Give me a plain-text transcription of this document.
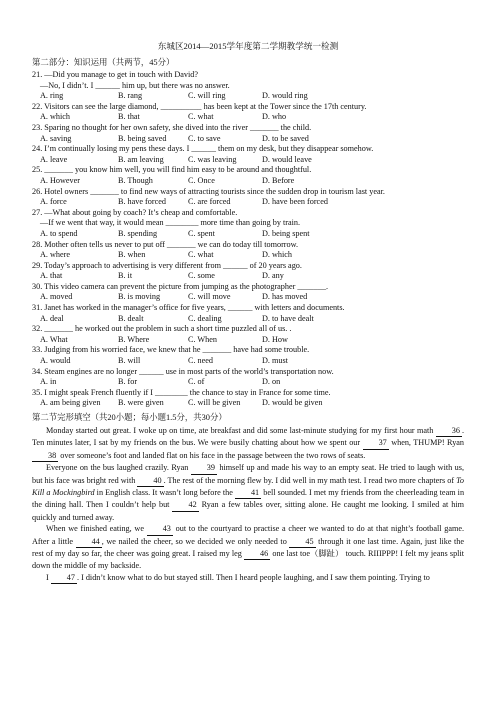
东城区2014—2015学年度第二学期教学统一检测
第二部分：知识运用（共两节，45分）
21. —Did you manage to get in touch with David?
—No, I didn’t. I ______ him up, but there was no answer.
A. ring	B. rang	C. will ring	D. would ring
22. Visitors can see the large diamond, __________ has been kept at the Tower since the 17th century.
A. which	B. that	C. what	D. who
23. Sparing no thought for her own safety, she dived into the river _______ the child.
A. saving	B. being saved	C. to save	D. to be saved
24. I’m continually losing my pens these days. I ______ them on my desk, but they disappear somehow.
A. leave	B. am leaving	C. was leaving	D. would leave
25. _______ you know him well, you will find him easy to be around and thoughtful.
A. However	B. Though	C. Once	D. Before
26. Hotel owners _______ to find new ways of attracting tourists since the sudden drop in tourism last year.
A. force	B. have forced	C. are forced	D. have been forced
27. —What about going by coach? It’s cheap and comfortable.
—If we went that way, it would mean ________ more time than going by train.
A. to spend	B. spending	C. spent	D. being spent
28. Mother often tells us never to put off _______ we can do today till tomorrow.
A. where	B. when	C. what	D. which
29. Today’s approach to advertising is very different from ______ of 20 years ago.
A. that	B. it	C. some	D. any
30. This video camera can prevent the picture from jumping as the photographer _______.
A. moved	B. is moving	C. will move	D. has moved
31. Janet has worked in the manager’s office for five years, ______ with letters and documents.
A. deal	B. dealt	C. dealing	D. to have dealt
32. _______ he worked out the problem in such a short time puzzled all of us. .
A. What	B. Where	C. When	D. How
33. Judging from his worried face, we knew that he _______ have had some trouble.
A. would	B. will	C. need	D. must
34. Steam engines are no longer ______ use in most parts of the world’s transportation now.
A. in	B. for	C. of	D. on
35. I might speak French fluently if I ________ the chance to stay in France for some time.
A. am being given	B. were given	C. will be given	D. would be given
第二节完形填空（共20小题；每小题1.5分，共30分）
Monday started out great. I woke up on time, ate breakfast and did some last-minute studying for my first hour math 36 . Ten minutes later, I sat by my friends on the bus. We were busily chatting about how we spent our 37 when, THUMP! Ryan 38 over someone’s foot and landed flat on his face in the passage between the two rows of seats.
Everyone on the bus laughed crazily. Ryan 39 himself up and made his way to an empty seat. He tried to laugh with us, but his face was bright red with 40 . The rest of the morning flew by. I did well in my math test. I read two more chapters of To Kill a Mockingbird in English class. It wasn’t long before the 41 bell sounded. I met my friends from the cheerleading team in the dining hall. Then I couldn’t help but 42 Ryan a few tables over, sitting alone. He caught me looking. I smiled at him quickly and turned away.
When we finished eating, we 43 out to the courtyard to practise a cheer we wanted to do at that night’s football game. After a little 44 , we nailed the cheer, so we decided we only needed to 45 through it one last time. Again, just like the rest of my day so far, the cheer was going great. I raised my leg 46 one last toe（脚趾） touch. RIIIPPP! I felt my jeans split down the middle of my backside.
I 47 . I didn’t know what to do but stayed still. Then I heard people laughing, and I saw them pointing. Trying to
